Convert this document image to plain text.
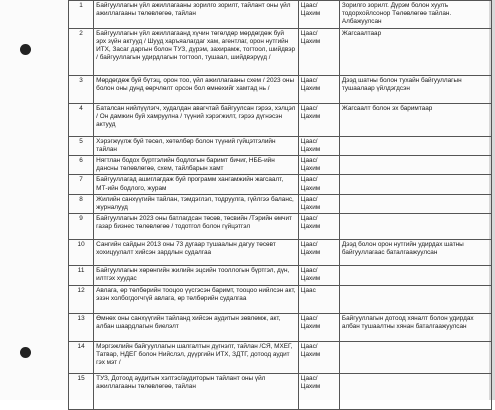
1	Байгууллагын үйл ажиллагааны зорилго зорилт, тайлант оны үйл ажиллагааны төлөвлөгөө, тайлан	Цаас/ Цахим	Зорилго зорилт. Дүрэм болон хуулъ тодорхойлсонор Төлөвлөгөө тайлан. Албажуулсан
2	Байгууллагын үйл ажиллагаанд хүчин төгөлдөр мөрдөгдөж буй эрх зүйн актууд / Шууд харъяалагдаг хам, агентлаг, орон нутгийн ИТХ, Засаг даргын болон ТУЗ, дүрэм, захирамж, тогтоол, шийдвэр / байгууллагын удирдлагын тогтоол, тушаал, шийдвэрүүд /	Цаас/ Цахим	Жагсаалтаар
3	Мөрдөгдөж буй бүтэц, орон тоо, үйл ажиллагааны схем / 2023 оны болон оны дунд өөрчлөлт орсон бол өмнөхийг хамтад нь /	Цаас/ Цахим	Дээд шатны болон тухайн байгууллагын тушаалаар үйлдэгдсэн
4	Баталсан нийлүүлэгч, худалдан авагчтай байгуулсан гэрээ, хэлцэл / Он дамжин буй хамруулна / түүний хэрэгжилт, гэрээ дүгнэсэн актууд	Цаас/ Цахим	Жагсаалт болон эх баримтаар
5	Хэрэгжүүлж буй төсөл, хөтөлбөр болон түүний гүйцэтгэлийн тайлан	Цаас/ Цахим	
6	Нягтлан бодох бүртгэлийн бодлогын баримт бичиг, НББ-ийн дансны төлөвлөгөө, схем, тайлбарын хамт	Цаас/ Цахим	
7	Байгууллагад ашиглагдаж буй программ хангамжийн жагсаалт, МТ-ийн бодлого, журам	Цаас/ Цахим	
8	Жилийн санхүүгийн тайлан, тэмдэглэл, тодруулга, гүйлгээ баланс, журналууд	Цаас/ Цахим	
9	Байгууллагын 2023 оны батлагдсан төсөв, төсвийн /Тэрийн өмчит газар бизнес төлөвлөгөө / тодотгол болон гүйцэтгэл	Цаас/ Цахим	
10	Сангийн сайдын 2013 оны 73 дугаар тушаалын дагуу төсөвт хохицуулалт хийсэн зардлын судалгаа	Цаас/ Цахим	Дээд болон орон нутгийн удирдах шатны байгууллагаас баталгаажуулсан
11	Байгууллагын хөрөнгийн жилийн эцсийн тооллогын бүртгэл, дүн, илтгэх хуудас	Цаас/ Цахим	
12	Авлага, өр төлбөрийн тооцоо үүсгэсэн баримт, тооцоо нийлсэн акт, эзэн холбогдогчгүй авлага, өр төлбөрийн судалгаа	Цаас	
13	Өмнөх оны санхүүгийн тайланд хийсэн аудитын зөвлөмж, акт, албан шаардлагын биелэлт	Цаас/ Цахим	Байгууллагын дотоод хяналт болон удирдах албан тушаалтны хянан баталгаажуулсан
14	Мэргэжлийн байгууллагын шалгалтын дүгнэлт, тайлан /СЯ, МХЕГ, Татвар, НДЕГ болон Нийслэл, дүүргийн ИТХ, ЗДТГ, дотоод аудит гэх мэт /	Цаас/ Цахим	
15	ТУЗ, Дотоод аудитын хэлтэс/аудиторын тайлант оны үйл ажиллагааны төлөвлөгөө, тайлан	Цаас/ Цахим	
